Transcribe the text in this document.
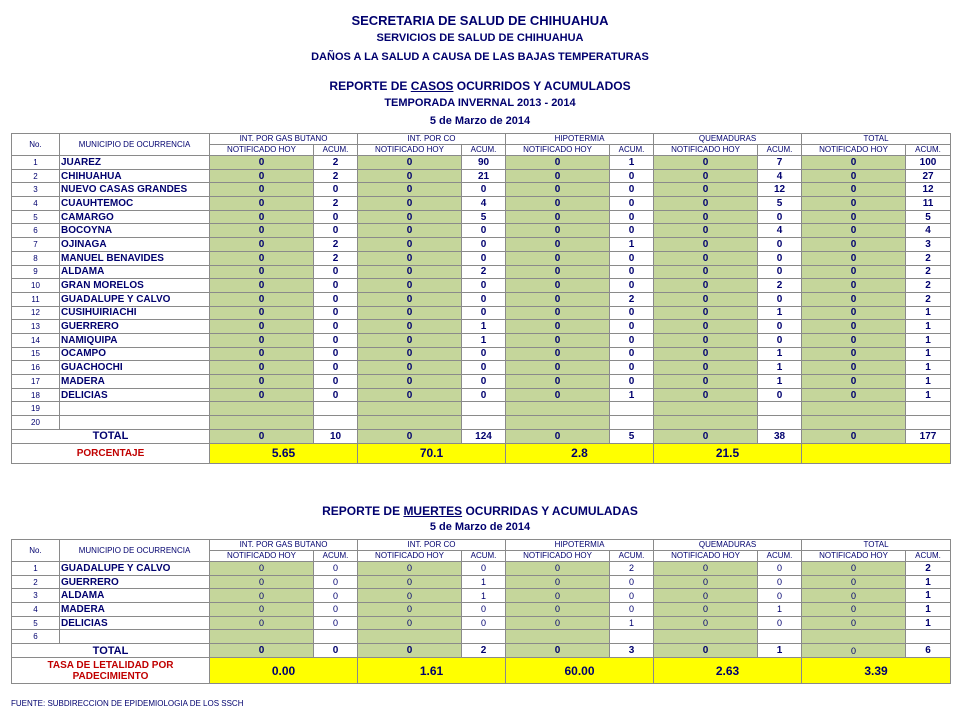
SECRETARIA DE SALUD DE CHIHUAHUA
SERVICIOS DE SALUD DE CHIHUAHUA
DAÑOS A LA SALUD A CAUSA DE LAS BAJAS TEMPERATURAS
REPORTE DE CASOS OCURRIDOS Y ACUMULADOS
TEMPORADA INVERNAL 2013 - 2014
5 de Marzo de 2014
No.	MUNICIPIO DE OCURRENCIA	INT. POR GAS BUTANO		INT. POR CO		HIPOTERMIA		QUEMADURAS		TOTAL	
		NOTIFICADO HOY	ACUM.	NOTIFICADO HOY	ACUM.	NOTIFICADO HOY	ACUM.	NOTIFICADO HOY	ACUM.	NOTIFICADO HOY	ACUM.
1	JUAREZ	0	2	0	90	0	1	0	7	0	100
2	CHIHUAHUA	0	2	0	21	0	0	0	4	0	27
3	NUEVO CASAS GRANDES	0	0	0	0	0	0	0	12	0	12
4	CUAUHTEMOC	0	2	0	4	0	0	0	5	0	11
5	CAMARGO	0	0	0	5	0	0	0	0	0	5
6	BOCOYNA	0	0	0	0	0	0	0	4	0	4
7	OJINAGA	0	2	0	0	0	1	0	0	0	3
8	MANUEL BENAVIDES	0	2	0	0	0	0	0	0	0	2
9	ALDAMA	0	0	0	2	0	0	0	0	0	2
10	GRAN MORELOS	0	0	0	0	0	0	0	2	0	2
11	GUADALUPE Y CALVO	0	0	0	0	0	2	0	0	0	2
12	CUSIHUIRIACHI	0	0	0	0	0	0	0	1	0	1
13	GUERRERO	0	0	0	1	0	0	0	0	0	1
14	NAMIQUIPA	0	0	0	1	0	0	0	0	0	1
15	OCAMPO	0	0	0	0	0	0	0	1	0	1
16	GUACHOCHI	0	0	0	0	0	0	0	1	0	1
17	MADERA	0	0	0	0	0	0	0	1	0	1
18	DELICIAS	0	0	0	0	0	1	0	0	0	1
19											
20											
TOTAL		0	10	0	124	0	5	0	38	0	177
PORCENTAJE		5.65		70.1		2.8		21.5			
REPORTE DE MUERTES OCURRIDAS Y ACUMULADAS
5 de Marzo de 2014
No.	MUNICIPIO DE OCURRENCIA	INT. POR GAS BUTANO		INT. POR CO		HIPOTERMIA		QUEMADURAS		TOTAL	
		NOTIFICADO HOY	ACUM.	NOTIFICADO HOY	ACUM.	NOTIFICADO HOY	ACUM.	NOTIFICADO HOY	ACUM.	NOTIFICADO HOY	ACUM.
1	GUADALUPE Y CALVO	0	0	0	0	0	2	0	0	0	2
2	GUERRERO	0	0	0	1	0	0	0	0	0	1
3	ALDAMA	0	0	0	1	0	0	0	0	0	1
4	MADERA	0	0	0	0	0	0	0	1	0	1
5	DELICIAS	0	0	0	0	0	1	0	0	0	1
6											
TOTAL		0	0	0	2	0	3	0	1	0	6
TASA DE LETALIDAD POR PADECIMIENTO		0.00		1.61		60.00		2.63		3.39	
FUENTE: SUBDIRECCION DE EPIDEMIOLOGIA DE LOS SSCH
